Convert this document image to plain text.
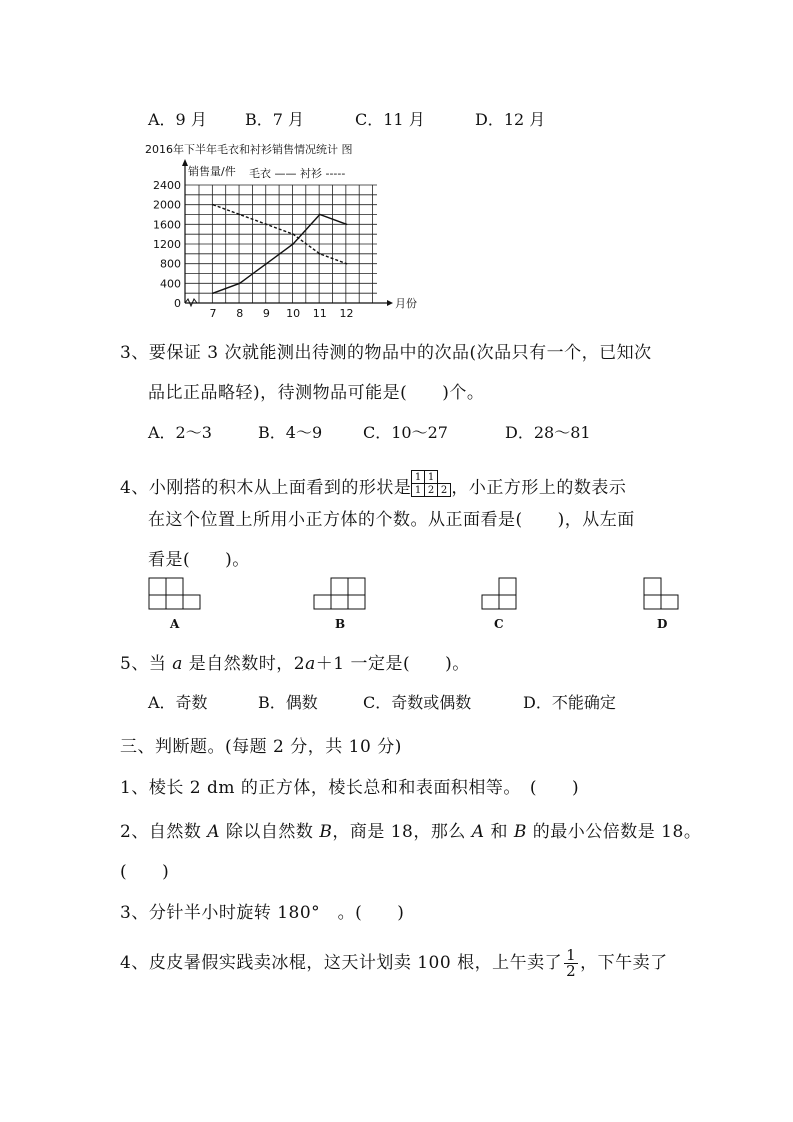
A．9 月 B．7 月	C．11 月	D．12 月
2016年下半年毛衣和衬衫销售情况统计 图
0
400
800
1200
1600
2000
2400
7 8 9 10 11 12
销售量/件 毛衣 —— 衬衫 -----
月份
3、要保证 3 次就能测出待测的物品中的次品(次品只有一个，已知次
品比正品略轻)，待测物品可能是(　　)个。
A．2～3	B．4～9	C．10～27	D．28～81
4、小刚搭的积木从上面看到的形状是
1	1	
1	2	2 ，小正方形上的数表示
在这个位置上所用小正方体的个数。从正面看是(　　)，从左面
看是(　　)。
A	B	C	D
5、当 a 是自然数时，2a＋1 一定是(　　)。
A．奇数	B．偶数	C．奇数或偶数	D．不能确定
三、判断题。(每题 2 分，共 10 分)
1、棱长 2 dm 的正方体，棱长总和和表面积相等。　(　　)
2、自然数 A 除以自然数 B，商是 18，那么 A 和 B 的最小公倍数是 18。
(　　)
3、分针半小时旋转 180°　。(　　)
4、皮皮暑假实践卖冰棍，这天计划卖 100 根，上午卖了 $\frac{1}{2}$ ，下午卖了
